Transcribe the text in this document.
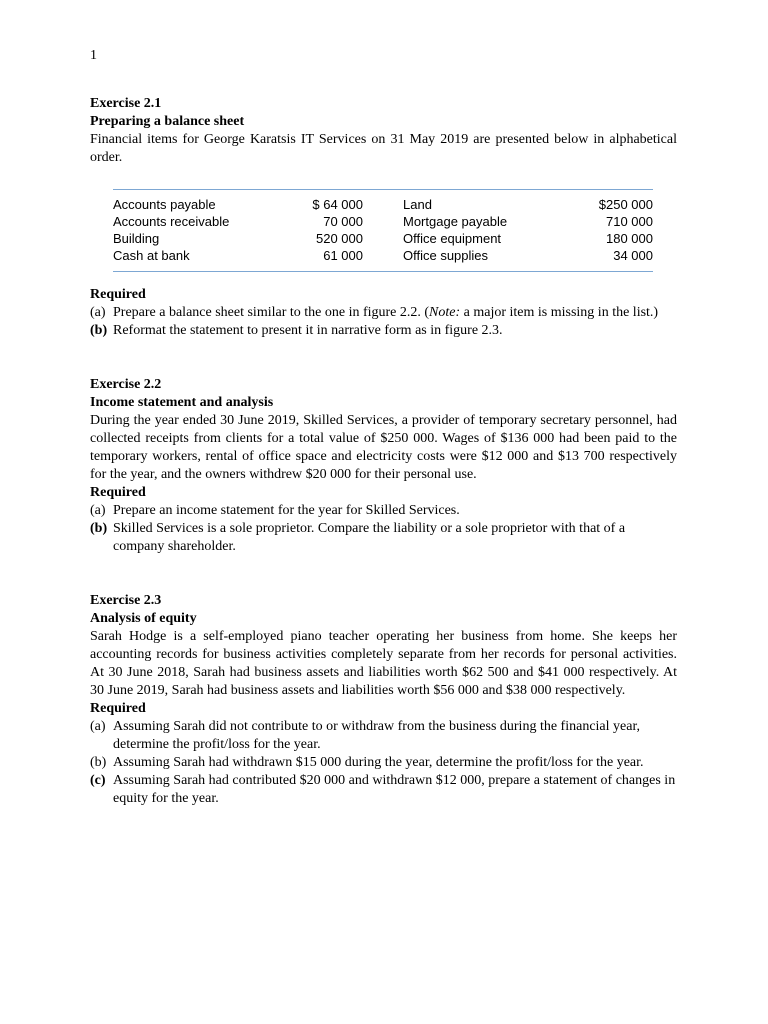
1
Exercise 2.1
Preparing a balance sheet
Financial items for George Karatsis IT Services on 31 May 2019 are presented below in alphabetical order.
Accounts payable	$ 64 000	Land	$250 000
Accounts receivable	70 000	Mortgage payable	710 000
Building	520 000	Office equipment	180 000
Cash at bank	61 000	Office supplies	34 000
Required
(a) Prepare a balance sheet similar to the one in figure 2.2. (Note: a major item is missing in the list.)
(b) Reformat the statement to present it in narrative form as in figure 2.3.
Exercise 2.2
Income statement and analysis
During the year ended 30 June 2019, Skilled Services, a provider of temporary secretary personnel, had collected receipts from clients for a total value of $250 000. Wages of $136 000 had been paid to the temporary workers, rental of office space and electricity costs were $12 000 and $13 700 respectively for the year, and the owners withdrew $20 000 for their personal use.
Required
(a) Prepare an income statement for the year for Skilled Services.
(b) Skilled Services is a sole proprietor. Compare the liability or a sole proprietor with that of a company shareholder.
Exercise 2.3
Analysis of equity
Sarah Hodge is a self-employed piano teacher operating her business from home. She keeps her accounting records for business activities completely separate from her records for personal activities. At 30 June 2018, Sarah had business assets and liabilities worth $62 500 and $41 000 respectively. At 30 June 2019, Sarah had business assets and liabilities worth $56 000 and $38 000 respectively.
Required
(a) Assuming Sarah did not contribute to or withdraw from the business during the financial year, determine the profit/loss for the year.
(b) Assuming Sarah had withdrawn $15 000 during the year, determine the profit/loss for the year.
(c) Assuming Sarah had contributed $20 000 and withdrawn $12 000, prepare a statement of changes in equity for the year.
